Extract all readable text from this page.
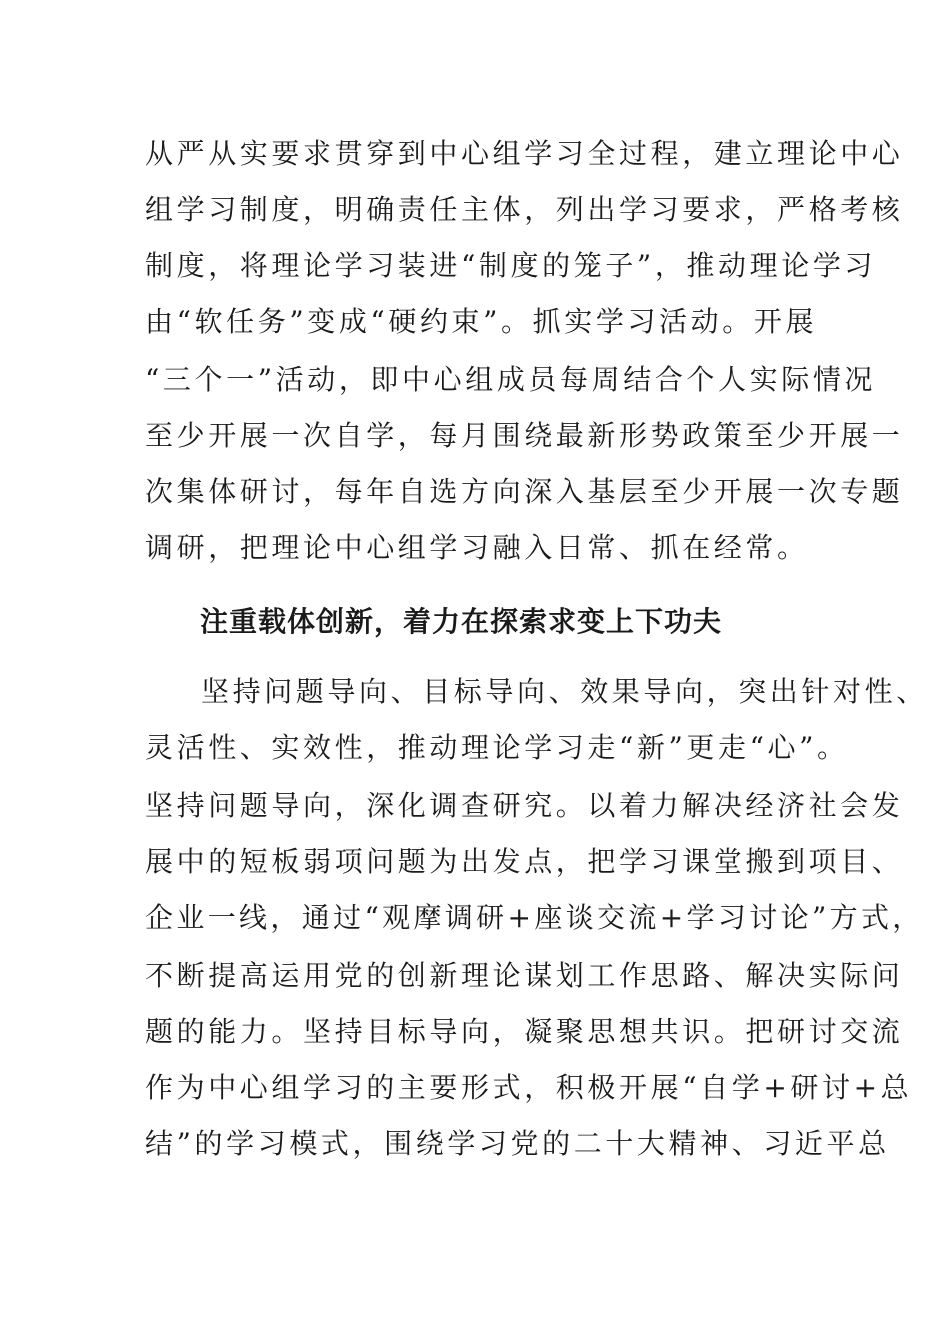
从严从实要求贯穿到中心组学习全过程，建立理论中心
组学习制度，明确责任主体，列出学习要求，严格考核
制度，将理论学习装进“制度的笼子”，推动理论学习
由“软任务”变成“硬约束”。抓实学习活动。开展
“三个一”活动，即中心组成员每周结合个人实际情况
至少开展一次自学，每月围绕最新形势政策至少开展一
次集体研讨，每年自选方向深入基层至少开展一次专题
调研，把理论中心组学习融入日常、抓在经常。
注重载体创新，着力在探索求变上下功夫
坚持问题导向、目标导向、效果导向，突出针对性、
灵活性、实效性，推动理论学习走“新”更走“心”。
坚持问题导向，深化调查研究。以着力解决经济社会发
展中的短板弱项问题为出发点，把学习课堂搬到项目、
企业一线，通过“观摩调研+座谈交流+学习讨论”方式，
不断提高运用党的创新理论谋划工作思路、解决实际问
题的能力。坚持目标导向，凝聚思想共识。把研讨交流
作为中心组学习的主要形式，积极开展“自学+研讨+总
结”的学习模式，围绕学习党的二十大精神、习近平总
